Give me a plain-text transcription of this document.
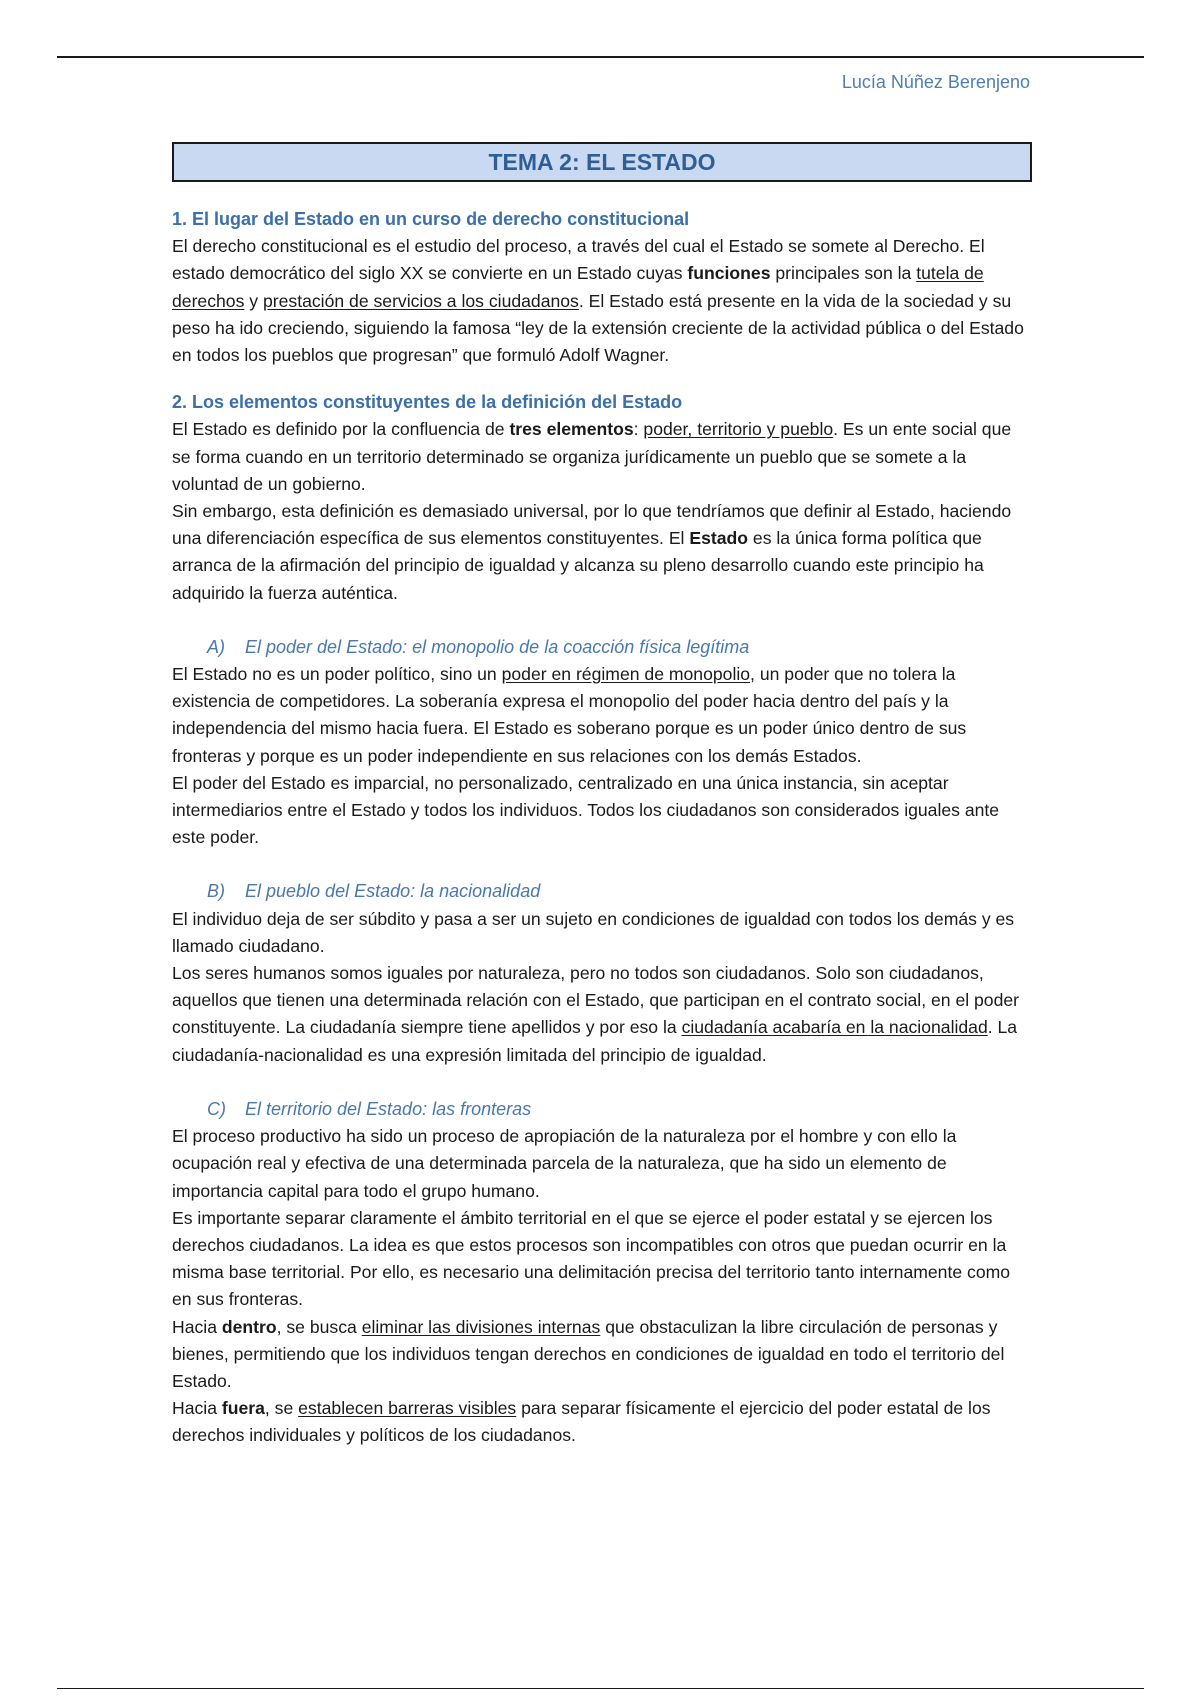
Lucía Núñez Berenjeno
TEMA 2: EL ESTADO
1. El lugar del Estado en un curso de derecho constitucional

El derecho constitucional es el estudio del proceso, a través del cual el Estado se somete al Derecho. El estado democrático del siglo XX se convierte en un Estado cuyas funciones principales son la tutela de derechos y prestación de servicios a los ciudadanos. El Estado está presente en la vida de la sociedad y su peso ha ido creciendo, siguiendo la famosa “ley de la extensión creciente de la actividad pública o del Estado en todos los pueblos que progresan” que formuló Adolf Wagner.

2. Los elementos constituyentes de la definición del Estado

El Estado es definido por la confluencia de tres elementos: poder, territorio y pueblo. Es un ente social que se forma cuando en un territorio determinado se organiza jurídicamente un pueblo que se somete a la voluntad de un gobierno.

Sin embargo, esta definición es demasiado universal, por lo que tendríamos que definir al Estado, haciendo una diferenciación específica de sus elementos constituyentes. El Estado es la única forma política que arranca de la afirmación del principio de igualdad y alcanza su pleno desarrollo cuando este principio ha adquirido la fuerza auténtica.

A) El poder del Estado: el monopolio de la coacción física legítima

El Estado no es un poder político, sino un poder en régimen de monopolio, un poder que no tolera la existencia de competidores. La soberanía expresa el monopolio del poder hacia dentro del país y la independencia del mismo hacia fuera. El Estado es soberano porque es un poder único dentro de sus fronteras y porque es un poder independiente en sus relaciones con los demás Estados.

El poder del Estado es imparcial, no personalizado, centralizado en una única instancia, sin aceptar intermediarios entre el Estado y todos los individuos. Todos los ciudadanos son considerados iguales ante este poder.

B) El pueblo del Estado: la nacionalidad

El individuo deja de ser súbdito y pasa a ser un sujeto en condiciones de igualdad con todos los demás y es llamado ciudadano.

Los seres humanos somos iguales por naturaleza, pero no todos son ciudadanos. Solo son ciudadanos, aquellos que tienen una determinada relación con el Estado, que participan en el contrato social, en el poder constituyente. La ciudadanía siempre tiene apellidos y por eso la ciudadanía acabaría en la nacionalidad. La ciudadanía-nacionalidad es una expresión limitada del principio de igualdad.

C) El territorio del Estado: las fronteras

El proceso productivo ha sido un proceso de apropiación de la naturaleza por el hombre y con ello la ocupación real y efectiva de una determinada parcela de la naturaleza, que ha sido un elemento de importancia capital para todo el grupo humano.

Es importante separar claramente el ámbito territorial en el que se ejerce el poder estatal y se ejercen los derechos ciudadanos. La idea es que estos procesos son incompatibles con otros que puedan ocurrir en la misma base territorial. Por ello, es necesario una delimitación precisa del territorio tanto internamente como en sus fronteras.

Hacia dentro, se busca eliminar las divisiones internas que obstaculizan la libre circulación de personas y bienes, permitiendo que los individuos tengan derechos en condiciones de igualdad en todo el territorio del Estado.

Hacia fuera, se establecen barreras visibles para separar físicamente el ejercicio del poder estatal de los derechos individuales y políticos de los ciudadanos.
